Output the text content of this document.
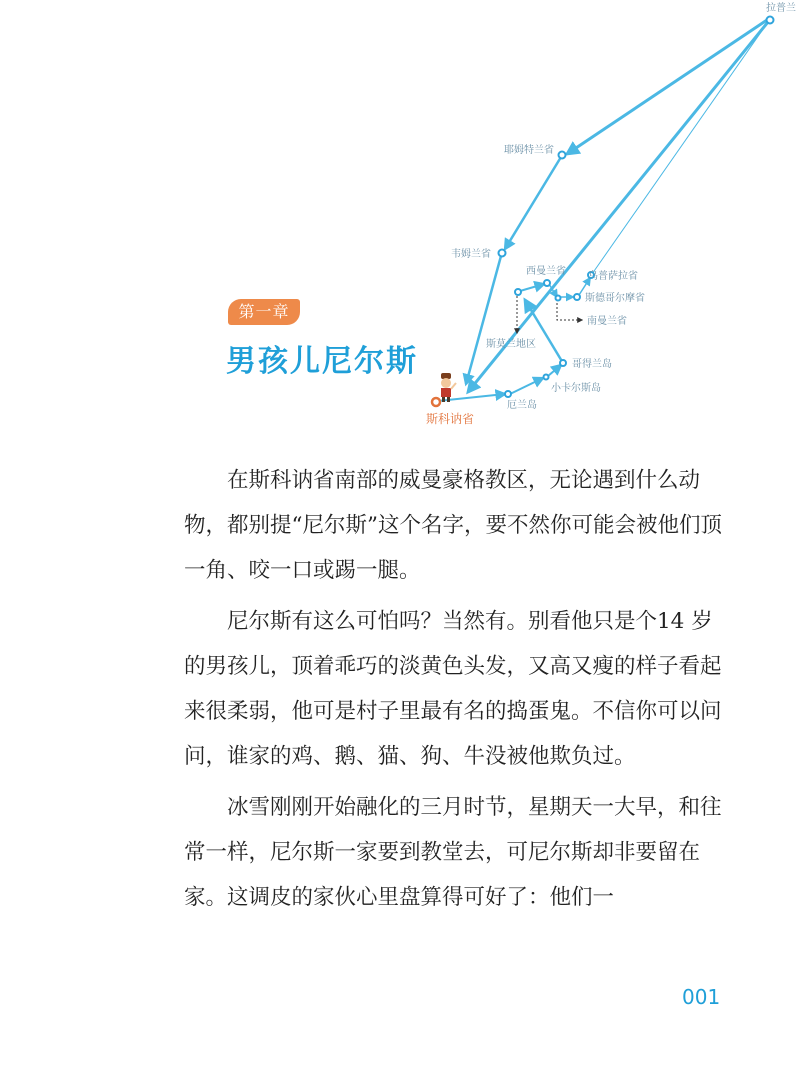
拉普兰
耶姆特兰省
韦姆兰省
西曼兰省 乌普萨拉省
斯德哥尔摩省
南曼兰省
斯莫兰地区
哥得兰岛
小卡尔斯岛
厄兰岛
斯科讷省
第一章
男孩儿尼尔斯

在斯科讷省南部的威曼豪格教区，无论遇到什么动物，都别提“尼尔斯”这个名字，要不然你可能会被他们顶一角、咬一口或踢一腿。

尼尔斯有这么可怕吗？当然有。别看他只是个14 岁的男孩儿，顶着乖巧的淡黄色头发，又高又瘦的样子看起来很柔弱，他可是村子里最有名的捣蛋鬼。不信你可以问问，谁家的鸡、鹅、猫、狗、牛没被他欺负过。

冰雪刚刚开始融化的三月时节，星期天一大早，和往常一样，尼尔斯一家要到教堂去，可尼尔斯却非要留在家。这调皮的家伙心里盘算得可好了：他们一

001
